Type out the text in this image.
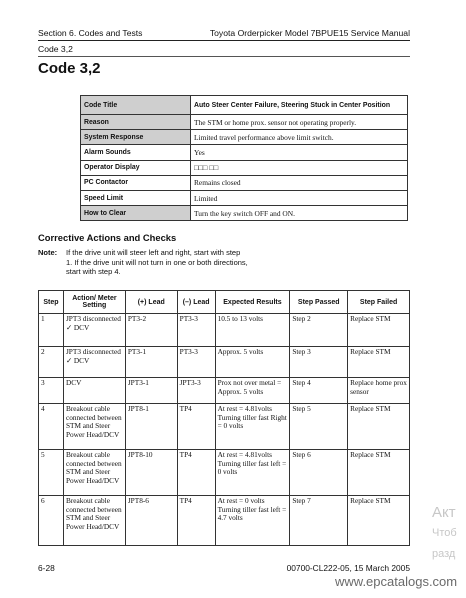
Section 6. Codes and Tests	Toyota Orderpicker Model 7BPUE15 Service Manual
Code 3,2
Code 3,2
Code Title	Auto Steer Center Failure, Steering Stuck in Center Position
Reason	The STM or home prox. sensor not operating properly.
System Response	Limited travel performance above limit switch.
Alarm Sounds	Yes
Operator Display	□□□ □□
PC Contactor	Remains closed
Speed Limit	Limited
How to Clear	Turn the key switch OFF and ON.
Corrective Actions and Checks
Note: If the drive unit will steer left and right, start with step 1. If the drive unit will not turn in one or both directions, start with step 4.
Step	Action/ Meter Setting	(+) Lead	(–) Lead	Expected Results	Step Passed	Step Failed
1	JPT3 disconnected ✓ DCV	PT3-2	PT3-3	10.5 to 13 volts	Step 2	Replace STM
2	JPT3 disconnected ✓ DCV	PT3-1	PT3-3	Approx. 5 volts	Step 3	Replace STM
3	DCV	JPT3-1	JPT3-3	Prox not over metal = Approx. 5 volts	Step 4	Replace home prox sensor
4	Breakout cable connected between STM and Steer Power Head/DCV	JPT8-1	TP4	At rest = 4.81volts Turning tiller fast Right = 0 volts	Step 5	Replace STM
5	Breakout cable connected between STM and Steer Power Head/DCV	JPT8-10	TP4	At rest = 4.81volts Turning tiller fast left = 0 volts	Step 6	Replace STM
6	Breakout cable connected between STM and Steer Power Head/DCV	JPT8-6	TP4	At rest = 0 volts Turning tiller fast left = 4.7 volts	Step 7	Replace STM
6-28	00700-CL222-05, 15 March 2005
www.epcatalogs.com
Акт
Чтоб
разд
